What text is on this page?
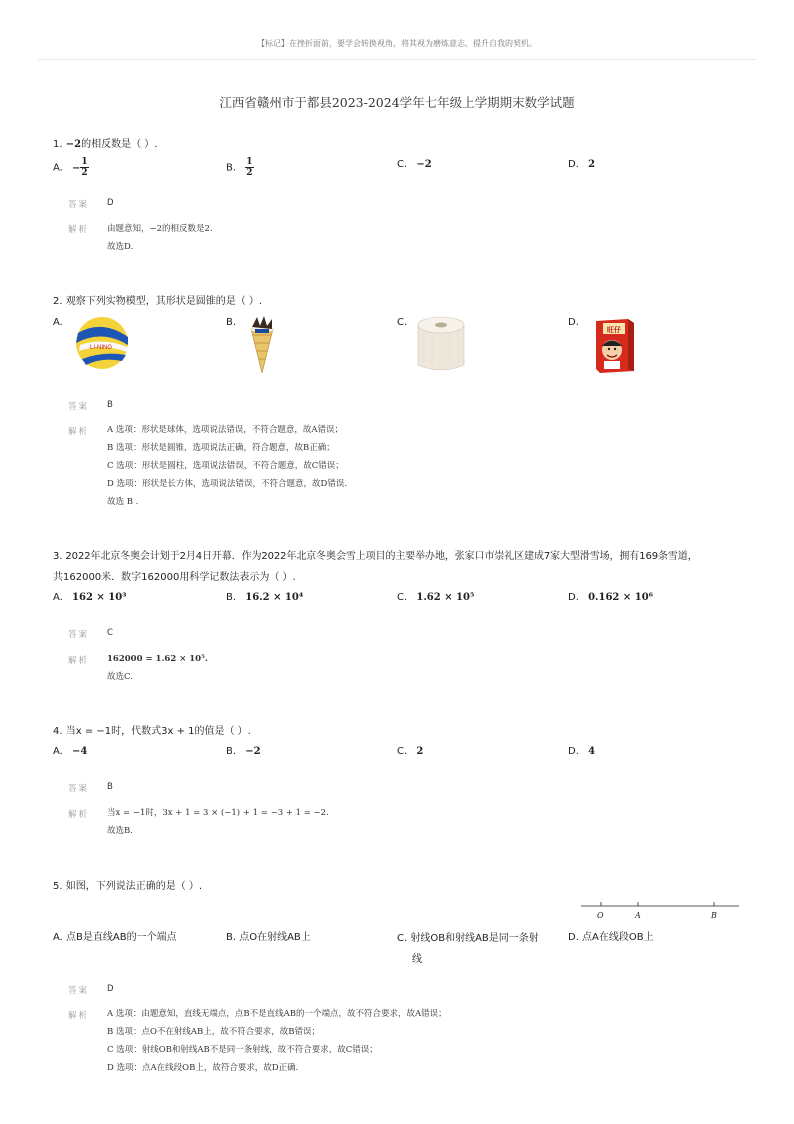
【标记】在挫折面前，要学会转换视角，将其视为磨炼意志、提升自我的契机。
江西省赣州市于都县2023-2024学年七年级上学期期末数学试题
1. −2的相反数是（ ）.
A. − $\frac{1}{2}$	B. $\frac{1}{2}$	C. −2	D. 2
答案 D
解析 由题意知，−2的相反数是2.
故选D.
2. 观察下列实物模型，其形状是圆锥的是（ ）.
A.	B.	C.	D.
LI-NING
旺仔
答案 B
解析 A 选项：形状是球体，选项说法错误，不符合题意，故A错误；
B 选项：形状是圆锥，选项说法正确，符合题意，故B正确；
C 选项：形状是圆柱，选项说法错误，不符合题意，故C错误；
D 选项：形状是长方体，选项说法错误，不符合题意，故D错误.
故选 B .
3. 2022年北京冬奥会计划于2月4日开幕．作为2022年北京冬奥会雪上项目的主要举办地，张家口市崇礼区建成7家大型滑雪场，拥有169条雪道，
共162000米．数字162000用科学记数法表示为（ ）.
A. 162 × 10³	B. 16.2 × 10⁴	C. 1.62 × 10⁵	D. 0.162 × 10⁶
答案 C
解析 162000 = 1.62 × 10⁵.
故选C.
4. 当x = −1时，代数式3x + 1的值是（ ）.
A. −4	B. −2	C. 2	D. 4
答案 B
解析 当x = −1时，3x + 1 = 3 × (−1) + 1 = −3 + 1 = −2.
故选B.
5. 如图，下列说法正确的是（ ）.
O	A	B
A. 点B是直线AB的一个端点	B. 点O在射线AB上	C. 射线OB和射线AB是同一条射
线
D. 点A在线段OB上
答案 D
解析 A 选项：由题意知，直线无端点，点B不是直线AB的一个端点，故不符合要求，故A错误；
B 选项：点O不在射线AB上，故不符合要求，故B错误；
C 选项：射线OB和射线AB不是同一条射线，故不符合要求，故C错误；
D 选项：点A在线段OB上，故符合要求，故D正确.
